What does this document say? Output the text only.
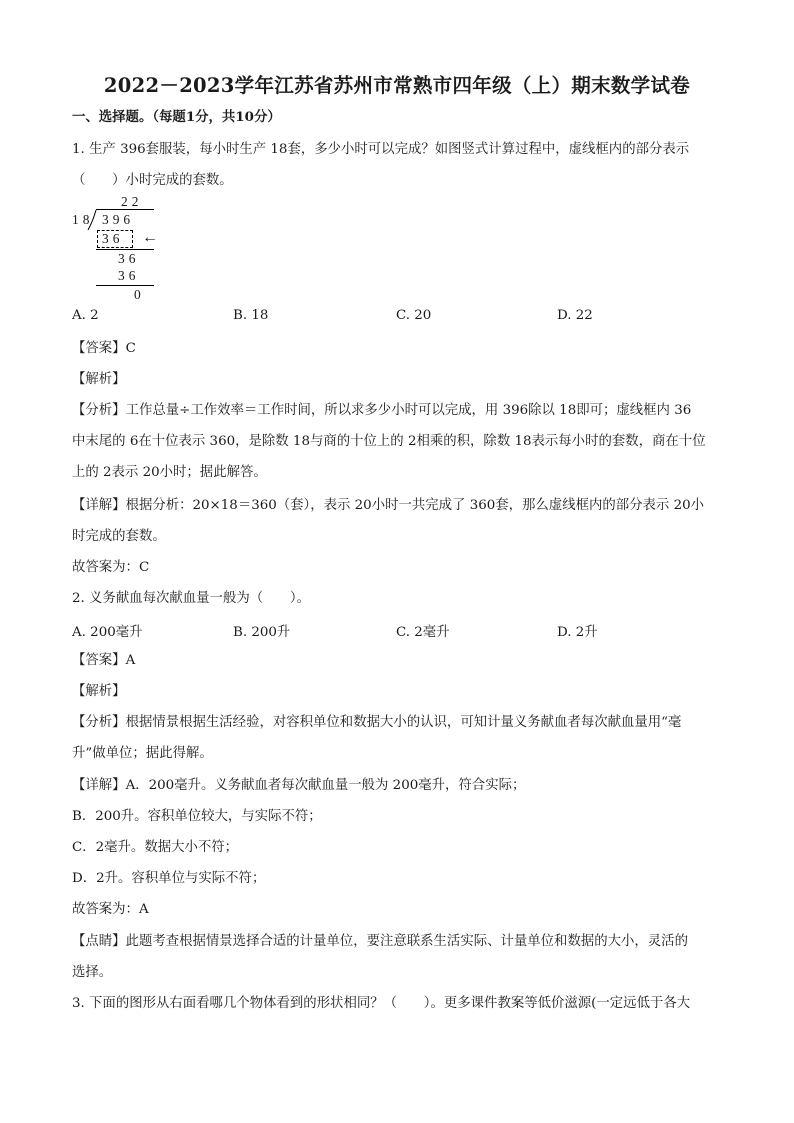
2022－2023学年江苏省苏州市常熟市四年级（上）期末数学试卷
一、选择题。（每题1分，共10分）
1. 生产 396套服装，每小时生产 18套，多少小时可以完成？如图竖式计算过程中，虚线框内的部分表示
（　　）小时完成的套数。
22
18 396
36 ←
36
36
0
A. 2	B. 18	C. 20	D. 22
【答案】C
【解析】
【分析】工作总量÷工作效率＝工作时间，所以求多少小时可以完成，用 396除以 18即可；虚线框内 36
中末尾的 6在十位表示 360，是除数 18与商的十位上的 2相乘的积，除数 18表示每小时的套数，商在十位
上的 2表示 20小时；据此解答。
【详解】根据分析：20×18＝360（套），表示 20小时一共完成了 360套，那么虚线框内的部分表示 20小
时完成的套数。
故答案为：C
2. 义务献血每次献血量一般为（　　）。
A. 200毫升	B. 200升	C. 2毫升	D. 2升
【答案】A
【解析】
【分析】根据情景根据生活经验，对容积单位和数据大小的认识，可知计量义务献血者每次献血量用“毫
升”做单位；据此得解。
【详解】A．200毫升。义务献血者每次献血量一般为 200毫升，符合实际；
B．200升。容积单位较大，与实际不符；
C．2毫升。数据大小不符；
D．2升。容积单位与实际不符；
故答案为：A
【点睛】此题考查根据情景选择合适的计量单位，要注意联系生活实际、计量单位和数据的大小，灵活的
选择。
3. 下面的图形从右面看哪几个物体看到的形状相同？（　　）。更多课件教案等低价滋源(一定远低于各大
